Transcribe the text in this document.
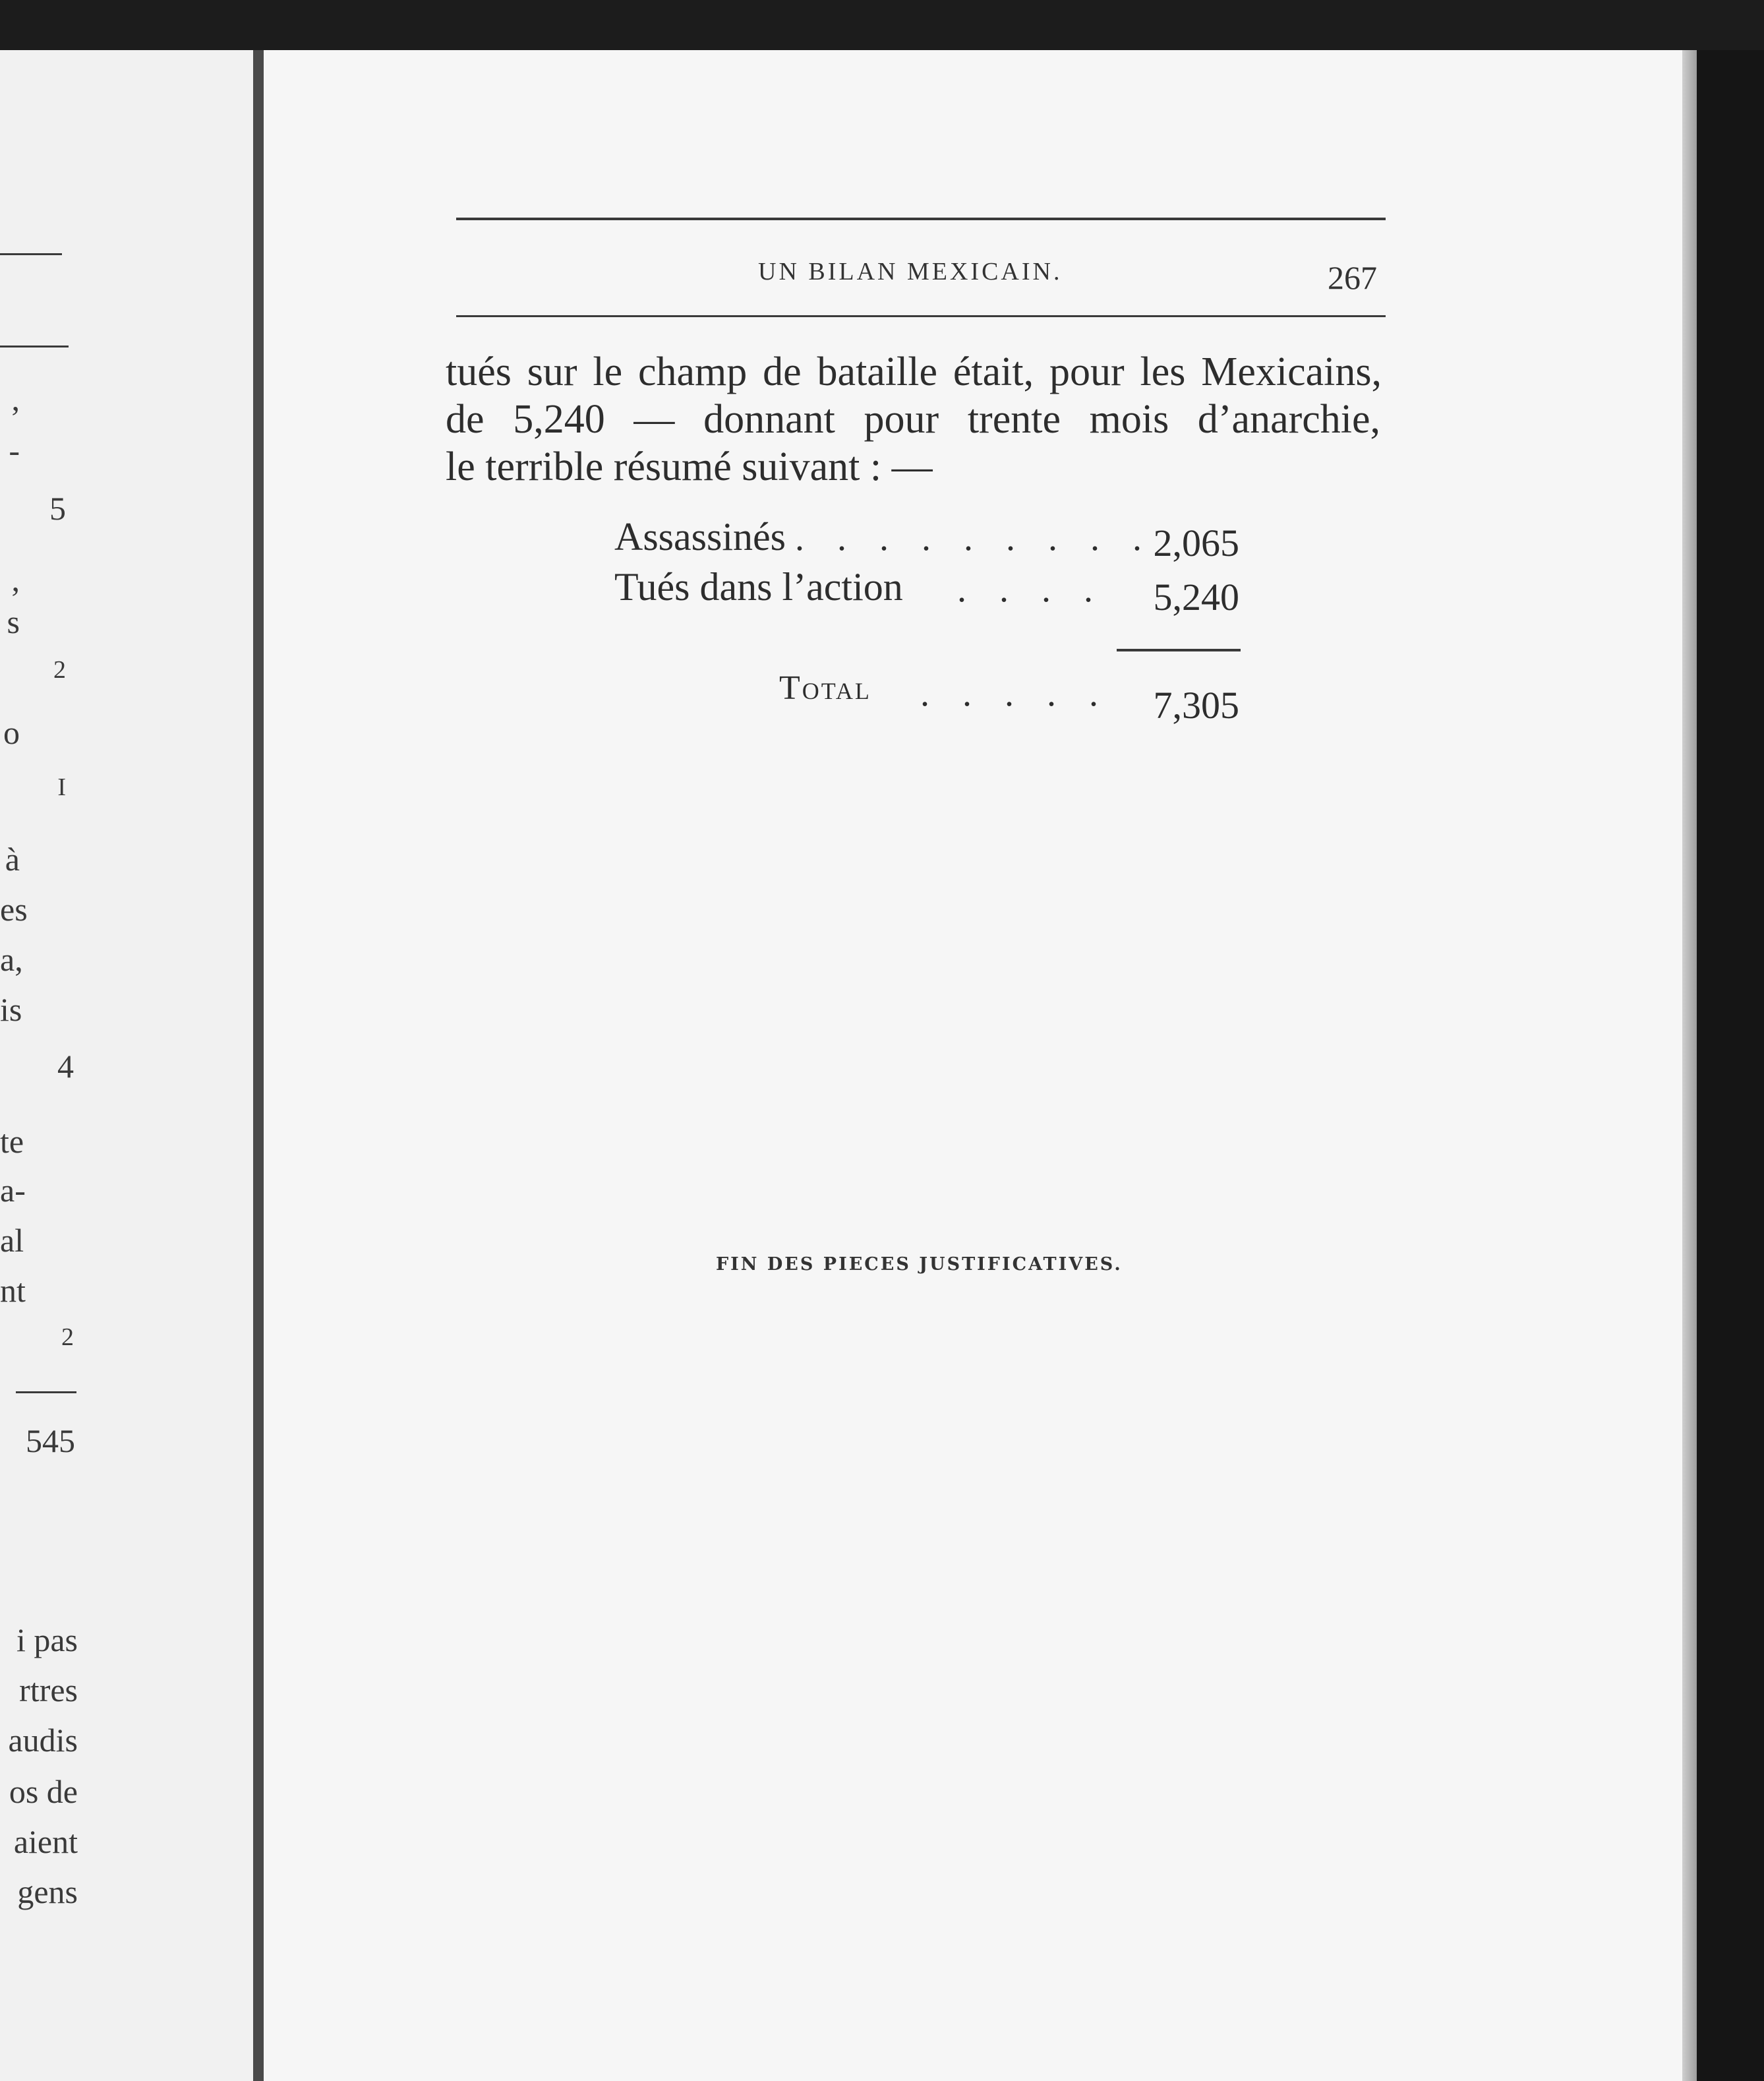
,
-
5
,
s
2
o
I
à
es
a,
is
4
te
a-
al
nt
2
545
i pas
rtres
audis
os de
aient
gens
UN BILAN MEXICAIN.	267
tués sur le champ de bataille était, pour les Mexicains,
de 5,240 — donnant pour trente mois d’anarchie,
le terrible résumé suivant : —
Assassinés . . . . . . . . . 2,065
Tués dans l’action . . . .	5,240
Total . . . . .	7,305
FIN DES PIECES JUSTIFICATIVES.
